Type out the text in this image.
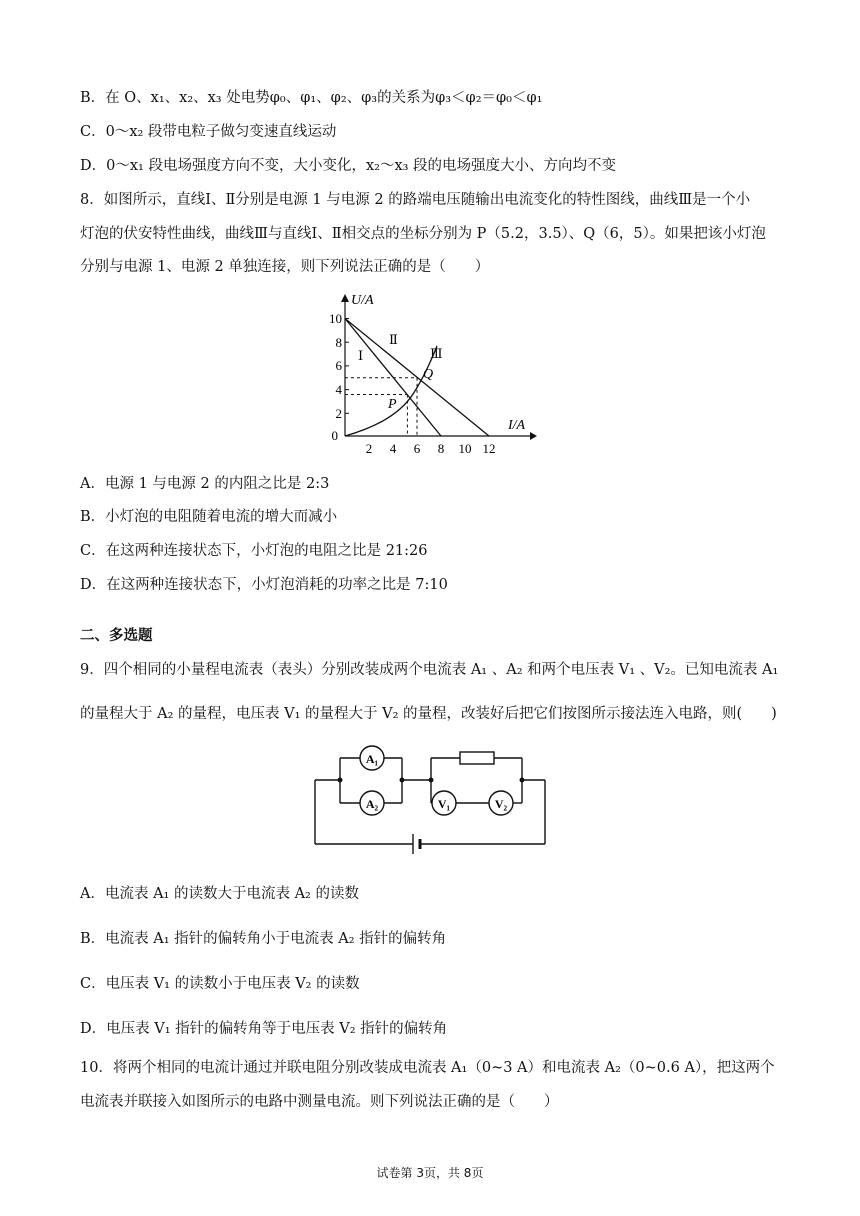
B．在 O、x₁、x₂、x₃ 处电势φ₀、φ₁、φ₂、φ₃的关系为φ₃＜φ₂＝φ₀＜φ₁
C．0～x₂ 段带电粒子做匀变速直线运动
D．0～x₁ 段电场强度方向不变，大小变化，x₂～x₃ 段的电场强度大小、方向均不变
8．如图所示，直线Ⅰ、Ⅱ分别是电源 1 与电源 2 的路端电压随输出电流变化的特性图线，曲线Ⅲ是一个小
灯泡的伏安特性曲线，曲线Ⅲ与直线Ⅰ、Ⅱ相交点的坐标分别为 P（5.2，3.5）、Q（6，5）。如果把该小灯泡
分别与电源 1、电源 2 单独连接，则下列说法正确的是（　　）
U/A
I/A
10
8
6
4
2
0
2 4 6 8 10 12
Ⅰ
Ⅱ
Ⅲ
P
Q
A．电源 1 与电源 2 的内阻之比是 2:3
B．小灯泡的电阻随着电流的增大而减小
C．在这两种连接状态下，小灯泡的电阻之比是 21:26
D．在这两种连接状态下，小灯泡消耗的功率之比是 7:10
二、多选题
9．四个相同的小量程电流表（表头）分别改装成两个电流表 A₁ 、A₂ 和两个电压表 V₁ 、V₂。已知电流表 A₁
的量程大于 A₂ 的量程，电压表 V₁ 的量程大于 V₂ 的量程，改装好后把它们按图所示接法连入电路，则(　　)
A₁
A₂	V₁	V₂
A．电流表 A₁ 的读数大于电流表 A₂ 的读数
B．电流表 A₁ 指针的偏转角小于电流表 A₂ 指针的偏转角
C．电压表 V₁ 的读数小于电压表 V₂ 的读数
D．电压表 V₁ 指针的偏转角等于电压表 V₂ 指针的偏转角
10．将两个相同的电流计通过并联电阻分别改装成电流表 A₁（0~3 A）和电流表 A₂（0~0.6 A），把这两个
电流表并联接入如图所示的电路中测量电流。则下列说法正确的是（　　）
试卷第 3页，共 8页
